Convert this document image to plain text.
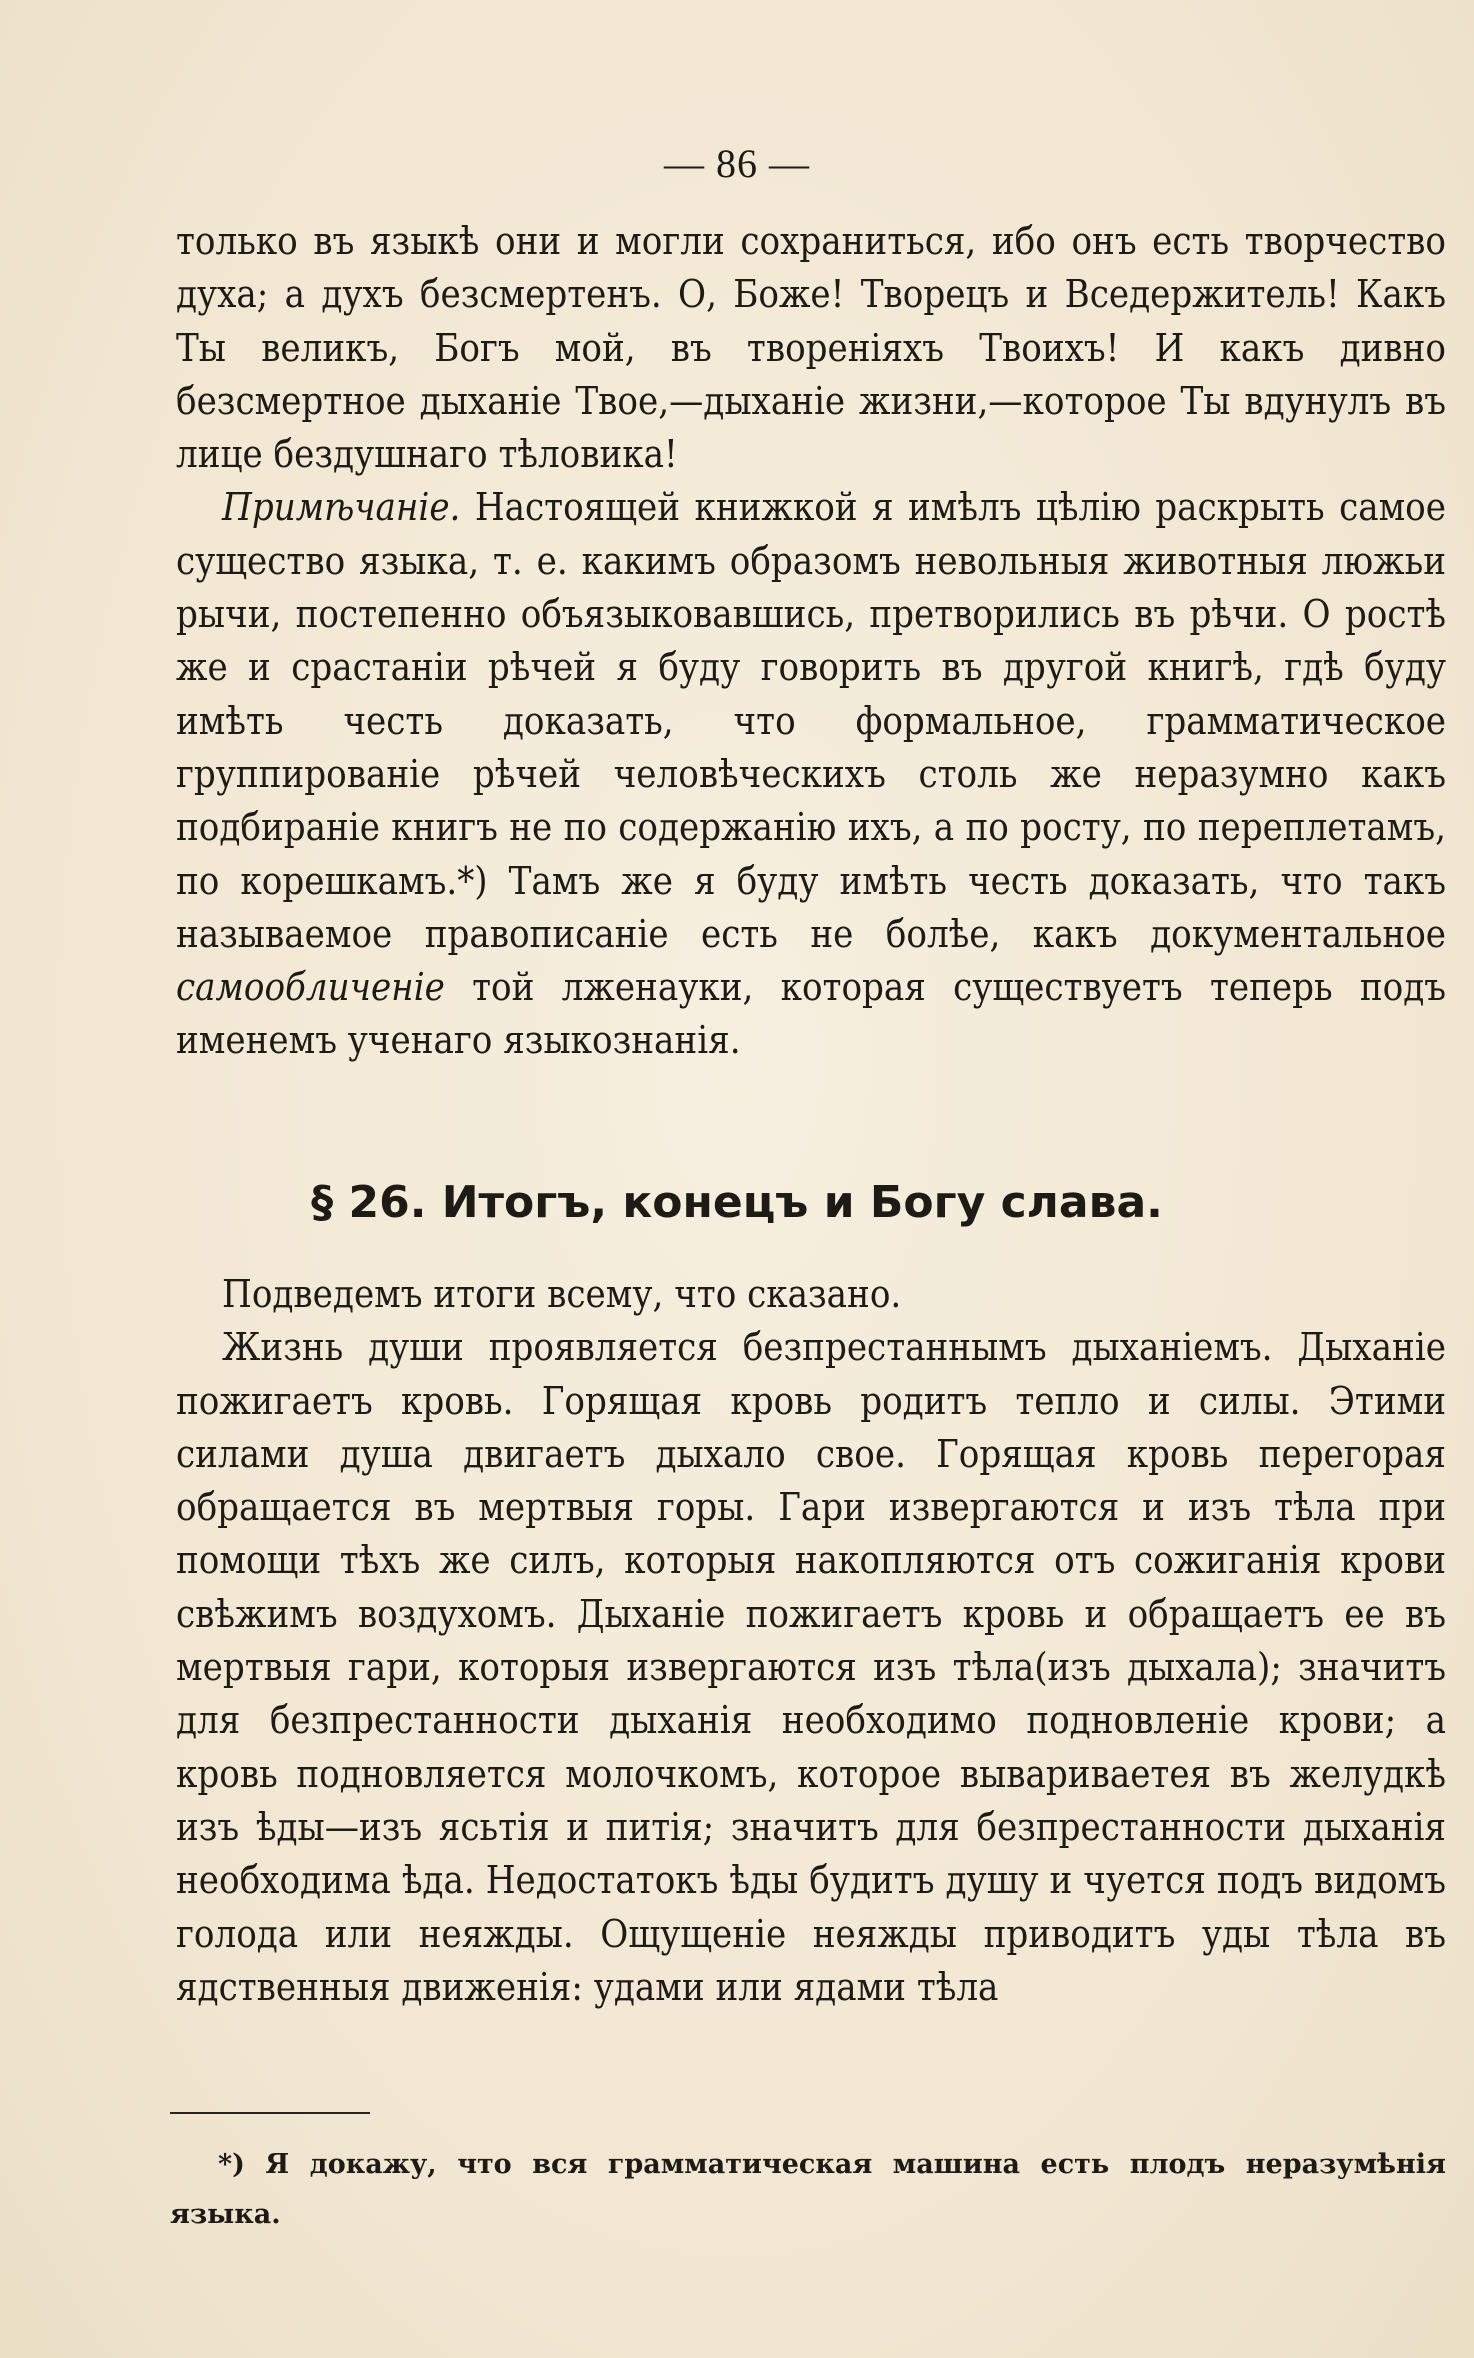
— 86 —

только въ языкѣ они и могли сохраниться, ибо онъ есть творчество духа; а духъ безсмертенъ. О, Боже! Творецъ и Вседержитель! Какъ Ты великъ, Богъ мой, въ твореніяхъ Твоихъ! И какъ дивно безсмертное дыханіе Твое,—дыханіе жизни,—которое Ты вдунулъ въ лице бездушнаго тѣловика!

Примѣчаніе. Настоящей книжкой я имѣлъ цѣлію раскрыть самое существо языка, т. е. какимъ образомъ невольныя животныя люжьи рычи, постепенно объязыковавшись, претворились въ рѣчи. О ростѣ же и срастаніи рѣчей я буду говорить въ другой книгѣ, гдѣ буду имѣть честь доказать, что формальное, грамматическое группированіе рѣчей человѣческихъ столь же неразумно какъ подбираніе книгъ не по содержанію ихъ, а по росту, по переплетамъ, по корешкамъ.*) Тамъ же я буду имѣть честь доказать, что такъ называемое правописаніе есть не болѣе, какъ документальное самообличеніе той лженауки, которая существуетъ теперь подъ именемъ ученаго языкознанія.

§ 26. Итогъ, конецъ и Богу слава.

Подведемъ итоги всему, что сказано.

Жизнь души проявляется безпрестаннымъ дыханіемъ. Дыханіе пожигаетъ кровь. Горящая кровь родитъ тепло и силы. Этими силами душа двигаетъ дыхало свое. Горящая кровь перегорая обращается въ мертвыя горы. Гари извергаются и изъ тѣла при помощи тѣхъ же силъ, которыя накопляются отъ сожиганія крови свѣжимъ воздухомъ. Дыханіе пожигаетъ кровь и обращаетъ ее въ мертвыя гари, которыя извергаются изъ тѣла(изъ дыхала); значитъ для безпрестанности дыханія необходимо подновленіе крови; а кровь подновляется молочкомъ, которое вывариваетея въ желудкѣ изъ ѣды—изъ ясьтія и питія; значитъ для безпрестанности дыханія необходима ѣда. Недостатокъ ѣды будитъ душу и чуется подъ видомъ голода или неяжды. Ощущеніе неяжды приводитъ уды тѣла въ ядственныя движенія: удами или ядами тѣла

*) Я докажу, что вся грамматическая машина есть плодъ неразумѣнія языка.
